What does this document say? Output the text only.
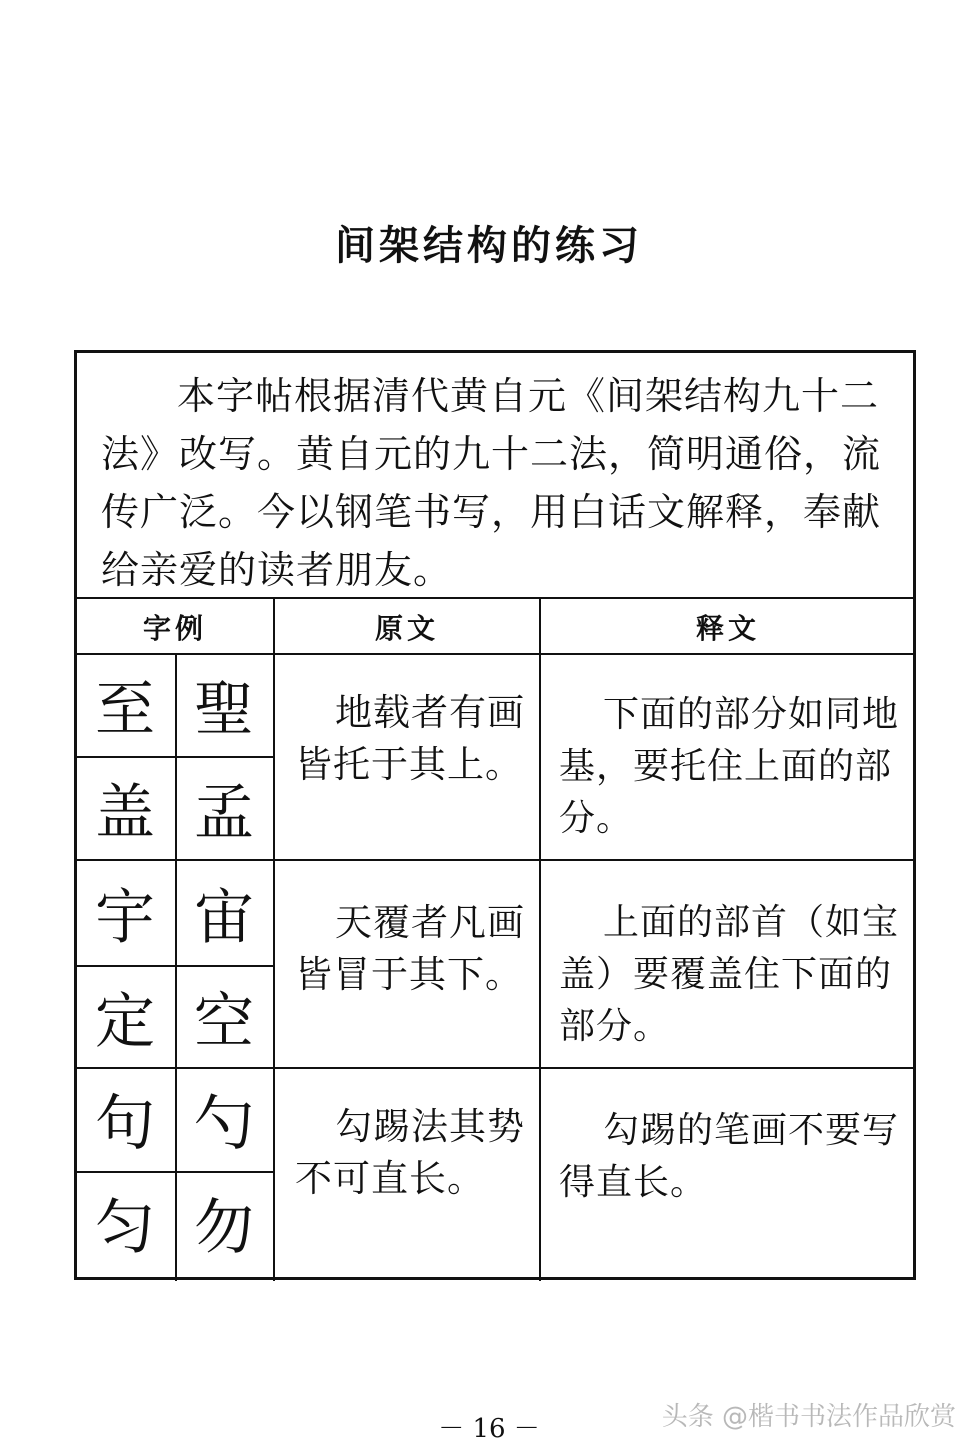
间架结构的练习
本字帖根据清代黄自元《间架结构九十二法》改写。黄自元的九十二法，简明通俗，流传广泛。今以钢笔书写，用白话文解释，奉献给亲爱的读者朋友。
字例	原文	释文
至 聖
盖 孟
地载者有画皆托于其上。
下面的部分如同地基，要托住上面的部分。
宇 宙
定 空
天覆者凡画皆冒于其下。
上面的部首（如宝盖）要覆盖住下面的部分。
句 勺
匀 勿
勾踢法其势不可直长。
勾踢的笔画不要写得直长。
头条 @楷书书法作品欣赏
－ 16 －
